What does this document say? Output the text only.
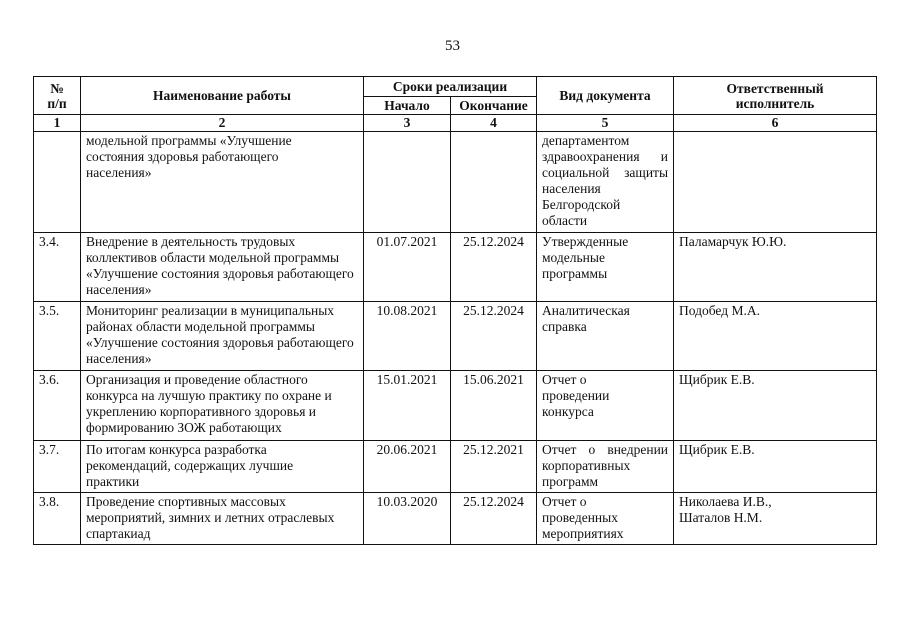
53
№
п/п	Наименование работы	Сроки реализации		Вид документа	Ответственный исполнитель
		Начало	Окончание		
1	2	3	4	5	6
	модельной программы «Улучшение состояния здоровья работающего населения»			департаментом здравоохранения и социальной защиты населения Белгородской области	
3.4.	Внедрение в деятельность трудовых коллективов области модельной программы «Улучшение состояния здоровья работающего населения»	01.07.2021	25.12.2024	Утвержденные модельные программы	Паламарчук Ю.Ю.
3.5.	Мониторинг реализации в муниципальных районах области модельной программы «Улучшение состояния здоровья работающего населения»	10.08.2021	25.12.2024	Аналитическая справка	Подобед М.А.
3.6.	Организация и проведение областного конкурса на лучшую практику по охране и укреплению корпоративного здоровья и формированию ЗОЖ работающих	15.01.2021	15.06.2021	Отчет о проведении конкурса	Щибрик Е.В.
3.7.	По итогам конкурса разработка рекомендаций, содержащих лучшие практики	20.06.2021	25.12.2021	Отчет о внедрении корпоративных программ	Щибрик Е.В.
3.8.	Проведение спортивных массовых мероприятий, зимних и летних отраслевых спартакиад	10.03.2020	25.12.2024	Отчет о проведенных мероприятиях	Николаева И.В., Шаталов Н.М.
